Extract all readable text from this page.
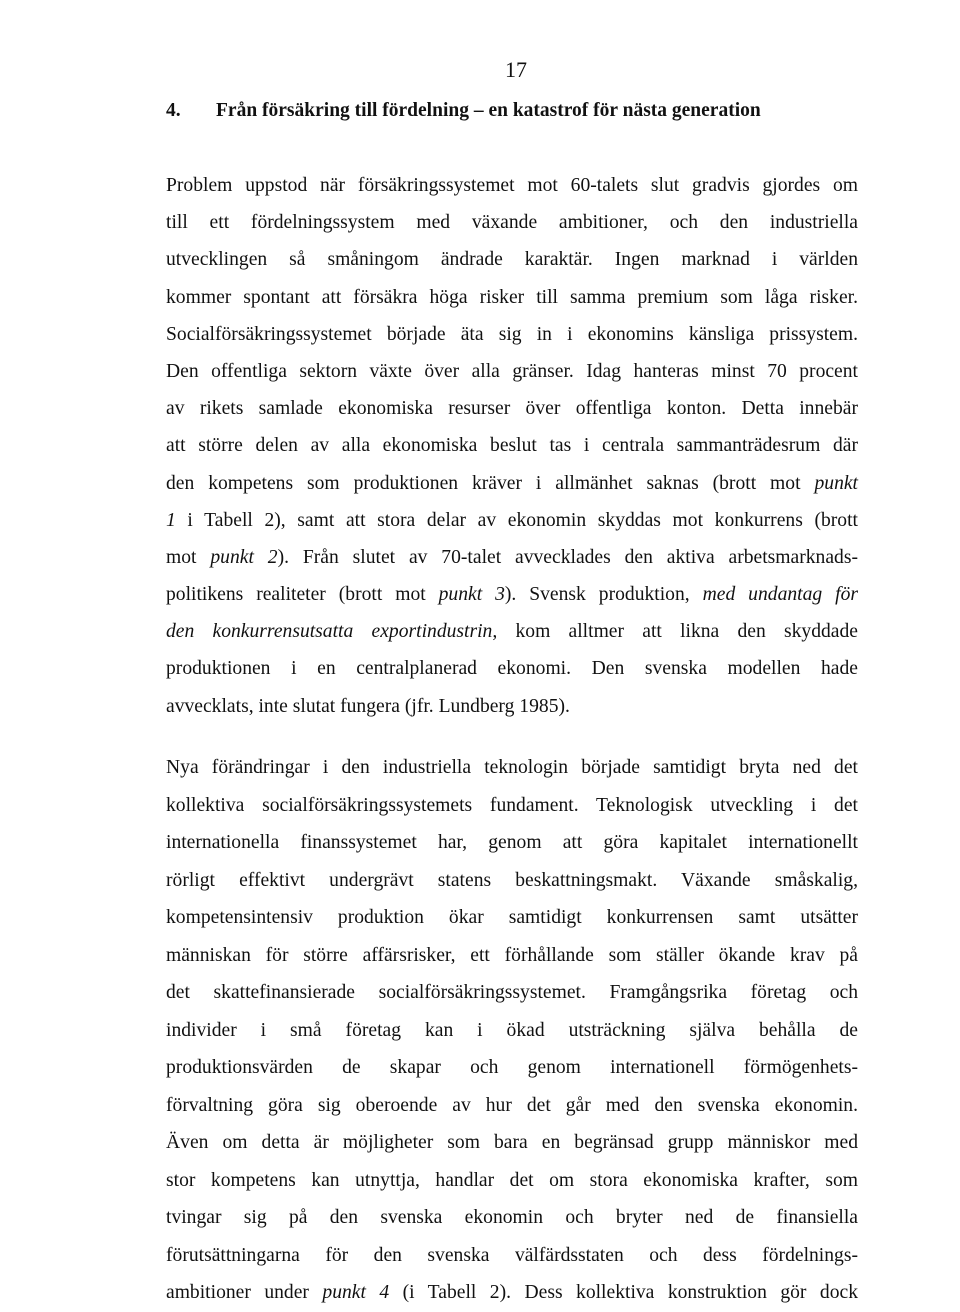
17
4. Från försäkring till fördelning – en katastrof för nästa generation
Problem uppstod när försäkringssystemet mot 60-talets slut gradvis gjordes om
till ett fördelningssystem med växande ambitioner, och den industriella
utvecklingen så småningom ändrade karaktär. Ingen marknad i världen
kommer spontant att försäkra höga risker till samma premium som låga risker.
Socialförsäkringssystemet började äta sig in i ekonomins känsliga prissystem.
Den offentliga sektorn växte över alla gränser. Idag hanteras minst 70 procent
av rikets samlade ekonomiska resurser över offentliga konton. Detta innebär
att större delen av alla ekonomiska beslut tas i centrala sammanträdesrum där
den kompetens som produktionen kräver i allmänhet saknas (brott mot punkt
1 i Tabell 2), samt att stora delar av ekonomin skyddas mot konkurrens (brott
mot punkt 2). Från slutet av 70-talet avvecklades den aktiva arbetsmarknads-
politikens realiteter (brott mot punkt 3). Svensk produktion, med undantag för
den konkurrensutsatta exportindustrin, kom alltmer att likna den skyddade
produktionen i en centralplanerad ekonomi. Den svenska modellen hade
avvecklats, inte slutat fungera (jfr. Lundberg 1985).
Nya förändringar i den industriella teknologin började samtidigt bryta ned det
kollektiva socialförsäkringssystemets fundament. Teknologisk utveckling i det
internationella finanssystemet har, genom att göra kapitalet internationellt
rörligt effektivt undergrävt statens beskattningsmakt. Växande småskalig,
kompetensintensiv produktion ökar samtidigt konkurrensen samt utsätter
människan för större affärsrisker, ett förhållande som ställer ökande krav på
det skattefinansierade socialförsäkringssystemet. Framgångsrika företag och
individer i små företag kan i ökad utsträckning själva behålla de
produktionsvärden de skapar och genom internationell förmögenhets-
förvaltning göra sig oberoende av hur det går med den svenska ekonomin.
Även om detta är möjligheter som bara en begränsad grupp människor med
stor kompetens kan utnyttja, handlar det om stora ekonomiska krafter, som
tvingar sig på den svenska ekonomin och bryter ned de finansiella
förutsättningarna för den svenska välfärdsstaten och dess fördelnings-
ambitioner under punkt 4 (i Tabell 2). Dess kollektiva konstruktion gör dock
